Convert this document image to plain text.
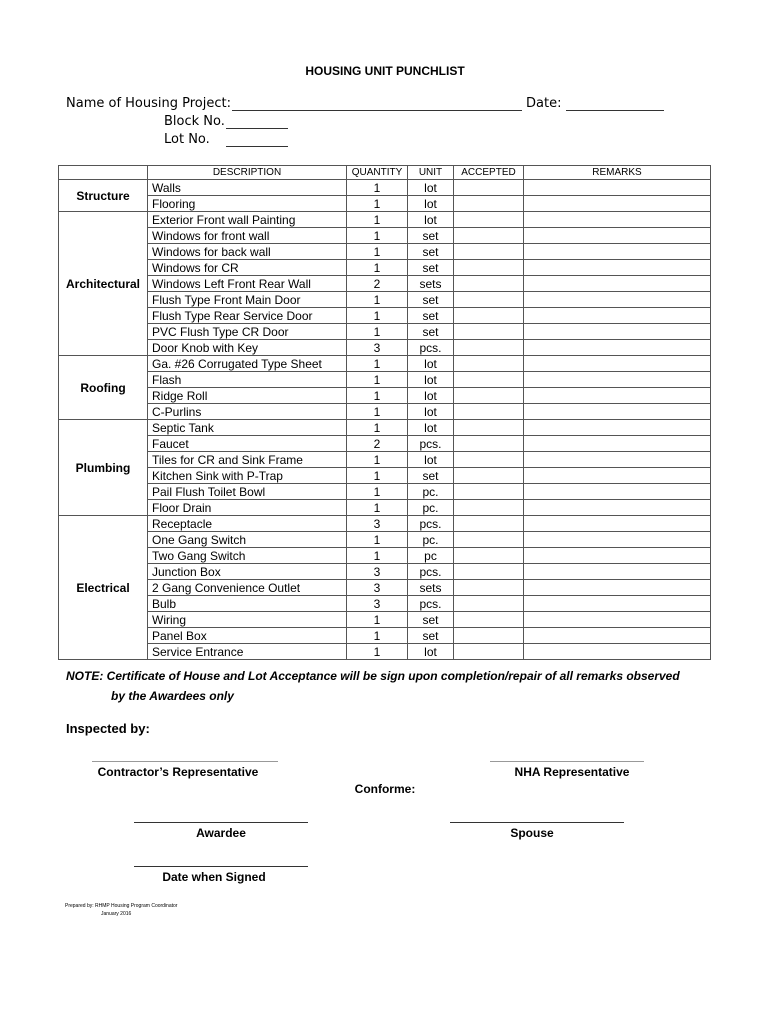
HOUSING UNIT PUNCHLIST
Name of Housing Project:	Date:
Block No.
Lot No.
	DESCRIPTION	QUANTITY	UNIT	ACCEPTED	REMARKS
Structure	Walls	1	lot		
	Flooring	1	lot		
Architectural	Exterior Front wall Painting	1	lot		
	Windows for front wall	1	set		
	Windows for back wall	1	set		
	Windows for CR	1	set		
	Windows Left Front Rear Wall	2	sets		
	Flush Type Front Main Door	1	set		
	Flush Type Rear Service Door	1	set		
	PVC Flush Type CR Door	1	set		
	Door Knob with Key	3	pcs.		
Roofing	Ga. #26 Corrugated Type Sheet	1	lot		
	Flash	1	lot		
	Ridge Roll	1	lot		
	C-Purlins	1	lot		
Plumbing	Septic Tank	1	lot		
	Faucet	2	pcs.		
	Tiles for CR and Sink Frame	1	lot		
	Kitchen Sink with P-Trap	1	set		
	Pail Flush Toilet Bowl	1	pc.		
	Floor Drain	1	pc.		
Electrical	Receptacle	3	pcs.		
	One Gang Switch	1	pc.		
	Two Gang Switch	1	pc		
	Junction Box	3	pcs.		
	2 Gang Convenience Outlet	3	sets		
	Bulb	3	pcs.		
	Wiring	1	set		
	Panel Box	1	set		
	Service Entrance	1	lot		
NOTE: Certificate of House and Lot Acceptance will be sign upon completion/repair of all remarks observed
by the Awardees only
Inspected by:
Contractor’s Representative	NHA Representative
Conforme:
Awardee	Spouse
Date when Signed
Prepared by: RHMP Housing Program Coordinator
January 2016
